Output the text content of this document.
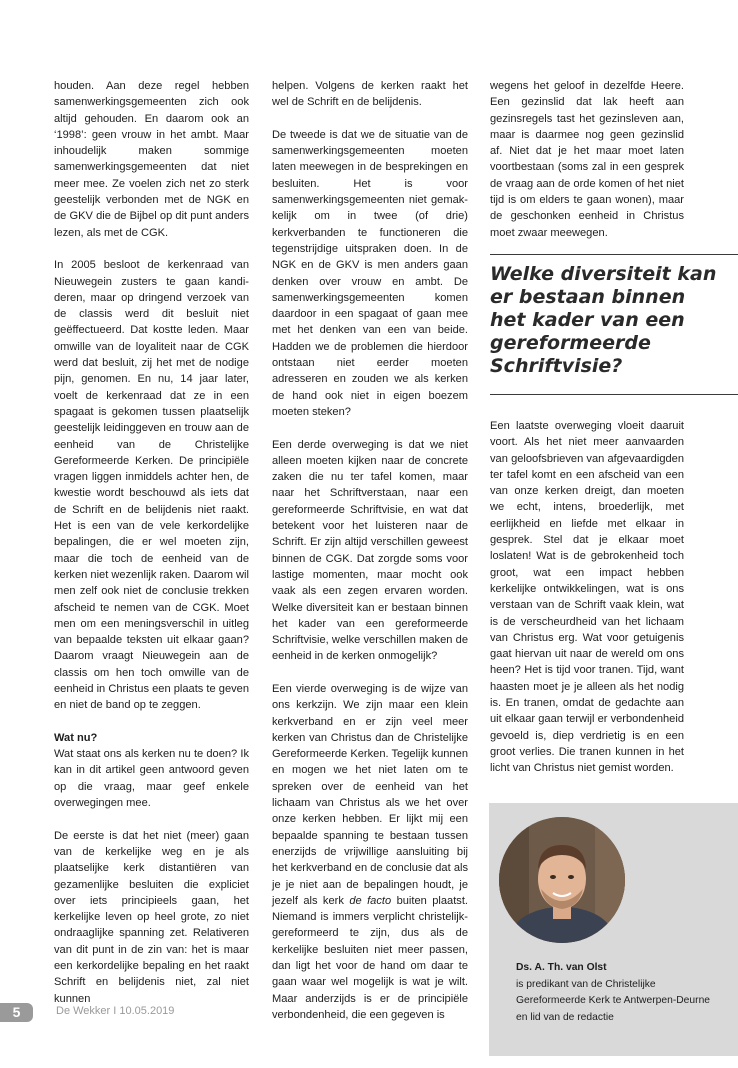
houden. Aan deze regel hebben samenwerkingsgemeenten zich ook altijd gehouden. En daarom ook an ‘1998’: geen vrouw in het ambt. Maar inhoudelijk maken sommige samenwerkingsgemeenten dat niet meer mee. Ze voelen zich net zo sterk geestelijk verbonden met de NGK en de GKV die de Bijbel op dit punt anders lezen, als met de CGK.

In 2005 besloot de kerkenraad van Nieuwegein zusters te gaan kandideren, maar op dringend verzoek van de classis werd dit besluit niet geëffectueerd. Dat kostte leden. Maar omwille van de loyaliteit naar de CGK werd dat besluit, zij het met de nodige pijn, genomen. En nu, 14 jaar later, voelt de kerkenraad dat ze in een spagaat is gekomen tussen plaatselijk geestelijk leidinggeven en trouw aan de eenheid van de Christelijke Gereformeerde Kerken. De principiële vragen liggen inmiddels achter hen, de kwestie wordt beschouwd als iets dat de Schrift en de belijdenis niet raakt. Het is een van de vele kerkordelijke bepalingen, die er wel moeten zijn, maar die toch de eenheid van de kerken niet wezenlijk raken. Daarom wil men zelf ook niet de conclusie trekken afscheid te nemen van de CGK. Moet men om een meningsverschil in uitleg van bepaalde teksten uit elkaar gaan? Daarom vraagt Nieuwegein aan de classis om hen toch omwille van de eenheid in Christus een plaats te geven en niet de band op te zeggen.

Wat nu?

Wat staat ons als kerken nu te doen? Ik kan in dit artikel geen antwoord geven op die vraag, maar geef enkele overwegingen mee.

De eerste is dat het niet (meer) gaan van de kerkelijke weg en je als plaatselijke kerk distantiëren van gezamenlijke besluiten die expliciet over iets principieels gaan, het kerkelijke leven op heel grote, zo niet ondraaglijke spanning zet. Relativeren van dit punt in de zin van: het is maar een kerkordelijke bepaling en het raakt Schrift en belijdenis niet, zal niet kunnen

helpen. Volgens de kerken raakt het wel de Schrift en de belijdenis.

De tweede is dat we de situatie van de samenwerkingsgemeenten moeten laten meewegen in de besprekingen en besluiten. Het is voor samenwerkingsgemeenten niet gemakkelijk om in twee (of drie) kerkverbanden te functioneren die tegenstrijdige uitspraken doen. In de NGK en de GKV is men anders gaan denken over vrouw en ambt. De samenwerkingsgemeenten komen daardoor in een spagaat of gaan mee met het denken van een van beide. Hadden we de problemen die hierdoor ontstaan niet eerder moeten adresseren en zouden we als kerken de hand ook niet in eigen boezem moeten steken?

Een derde overweging is dat we niet alleen moeten kijken naar de concrete zaken die nu ter tafel komen, maar naar het Schriftverstaan, naar een gereformeerde Schriftvisie, en wat dat betekent voor het luisteren naar de Schrift. Er zijn altijd verschillen geweest binnen de CGK. Dat zorgde soms voor lastige momenten, maar mocht ook vaak als een zegen ervaren worden. Welke diversiteit kan er bestaan binnen het kader van een gereformeerde Schriftvisie, welke verschillen maken de eenheid in de kerken onmogelijk?

Een vierde overweging is de wijze van ons kerkzijn. We zijn maar een klein kerkverband en er zijn veel meer kerken van Christus dan de Christelijke Gereformeerde Kerken. Tegelijk kunnen en mogen we het niet laten om te spreken over de eenheid van het lichaam van Christus als we het over onze kerken hebben. Er lijkt mij een bepaalde spanning te bestaan tussen enerzijds de vrijwillige aansluiting bij het kerkverband en de conclusie dat als je je niet aan de bepalingen houdt, je jezelf als kerk de facto buiten plaatst. Niemand is immers verplicht christelijk-gereformeerd te zijn, dus als de kerkelijke besluiten niet meer passen, dan ligt het voor de hand om daar te gaan waar wel mogelijk is wat je wilt. Maar anderzijds is er de principiële verbondenheid, die een gegeven is

wegens het geloof in dezelfde Heere. Een gezinslid dat lak heeft aan gezinsregels tast het gezinsleven aan, maar is daarmee nog geen gezinslid af. Niet dat je het maar moet laten voortbestaan (soms zal in een gesprek de vraag aan de orde komen of het niet tijd is om elders te gaan wonen), maar de geschonken eenheid in Christus moet zwaar meewegen.

Welke diversiteit kan er bestaan binnen het kader van een gereformeerde Schriftvisie?

Een laatste overweging vloeit daaruit voort. Als het niet meer aanvaarden van geloofsbrieven van afgevaardigden ter tafel komt en een afscheid van een van onze kerken dreigt, dan moeten we echt, intens, broederlijk, met eerlijkheid en liefde met elkaar in gesprek. Stel dat je elkaar moet loslaten! Wat is de gebrokenheid toch groot, wat een impact hebben kerkelijke ontwikkelingen, wat is ons verstaan van de Schrift vaak klein, wat is de verscheurdheid van het lichaam van Christus erg. Wat voor getuigenis gaat hiervan uit naar de wereld om ons heen? Het is tijd voor tranen. Tijd, want haasten moet je je alleen als het nodig is. En tranen, omdat de gedachte aan uit elkaar gaan terwijl er verbondenheid gevoeld is, diep verdrietig is en een groot verlies. Die tranen kunnen in het licht van Christus niet gemist worden.

Ds. A. Th. van Olst
is predikant van de Christelijke Gereformeerde Kerk te Antwerpen-Deurne en lid van de redactie
5	De Wekker I 10.05.2019
